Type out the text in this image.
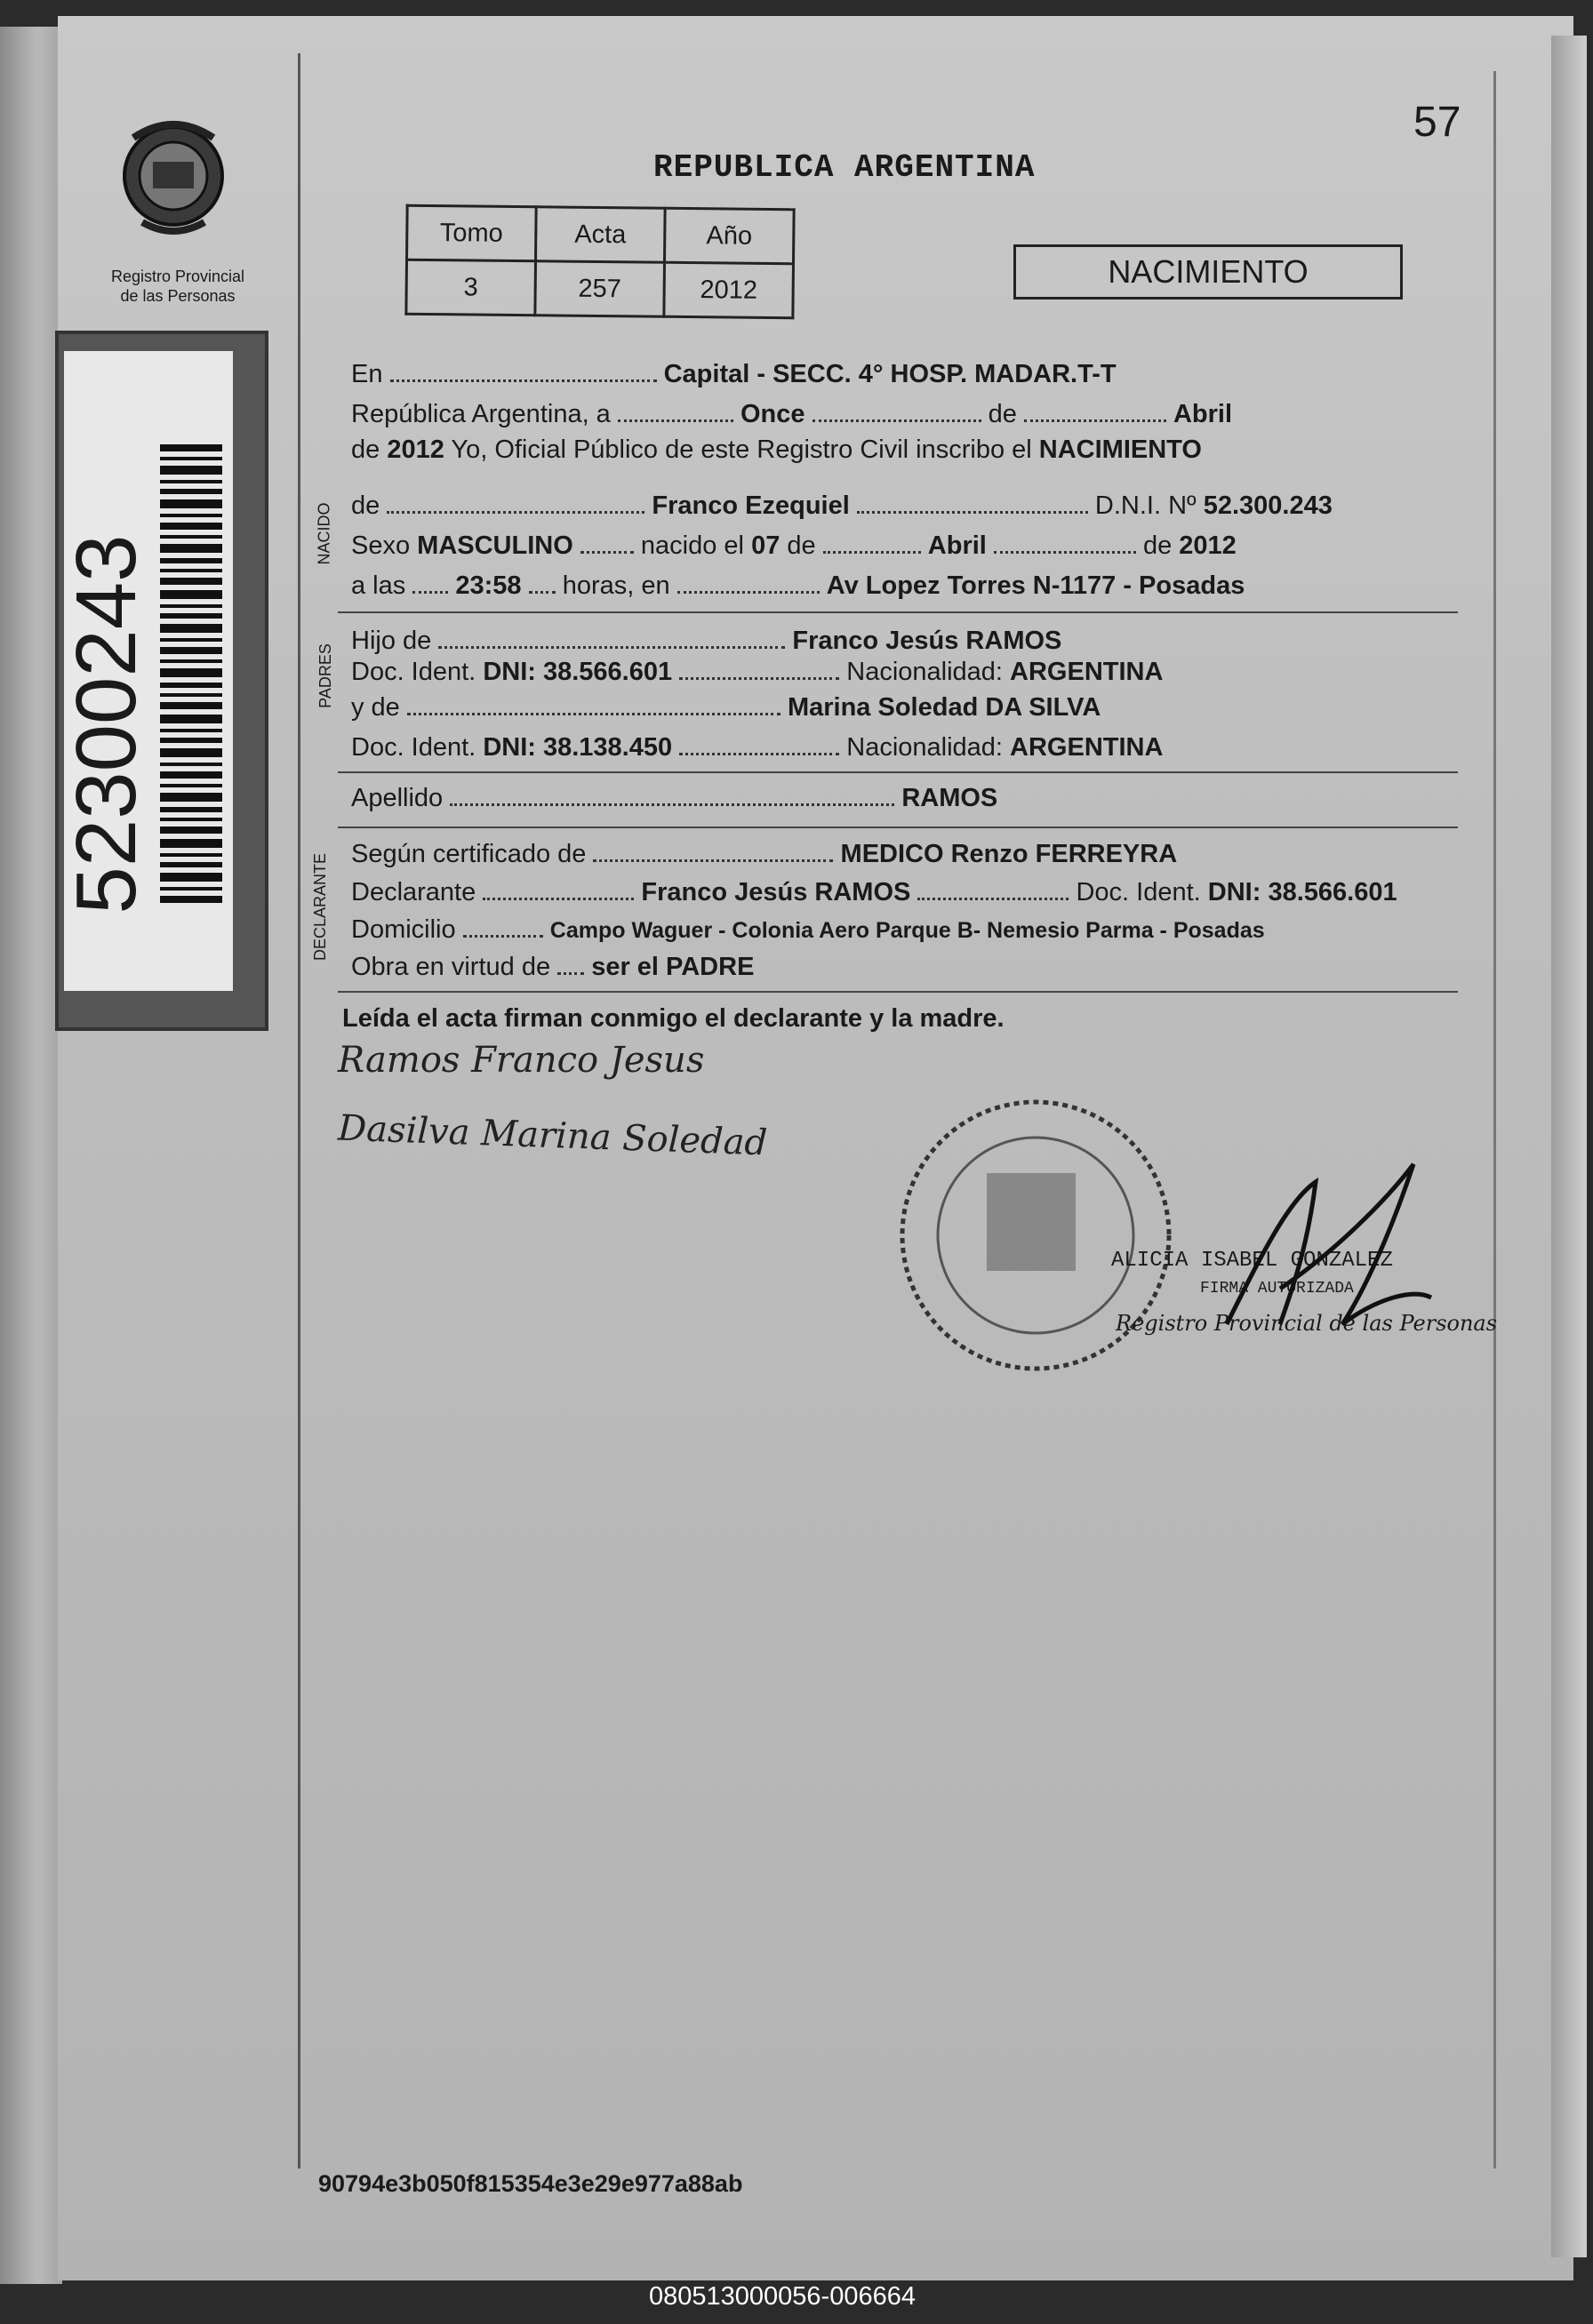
57
REPUBLICA ARGENTINA
Registro Provincial
de las Personas
52300243
Tomo	Acta	Año
3	257	2012
NACIMIENTO
NACIDO
PADRES
DECLARANTE
En	Capital - SECC. 4° HOSP. MADAR.T-T
República Argentina, a	Once	de	Abril
de 2012 Yo, Oficial Público de este Registro Civil inscribo el NACIMIENTO
de	Franco Ezequiel	D.N.I. Nº 52.300.243
Sexo MASCULINO	nacido el 07 de	Abril	de 2012
a las 23:58 horas, en	Av Lopez Torres N-1177 - Posadas
Hijo de	Franco Jesús RAMOS
Doc. Ident. DNI: 38.566.601	Nacionalidad: ARGENTINA
y de	Marina Soledad DA SILVA
Doc. Ident. DNI: 38.138.450	Nacionalidad: ARGENTINA
Apellido	RAMOS
Según certificado de	MEDICO Renzo FERREYRA
Declarante	Franco Jesús RAMOS	Doc. Ident. DNI: 38.566.601
Domicilio	Campo Waguer - Colonia Aero Parque B- Nemesio Parma - Posadas
Obra en virtud de ser el PADRE
Leída el acta firman conmigo el declarante y la madre.
Ramos Franco Jesus
Dasilva Marina Soledad
ALICIA ISABEL GONZALEZ
FIRMA AUTORIZADA
Registro Provincial de las Personas
90794e3b050f815354e3e29e977a88ab
080513000056-006664
